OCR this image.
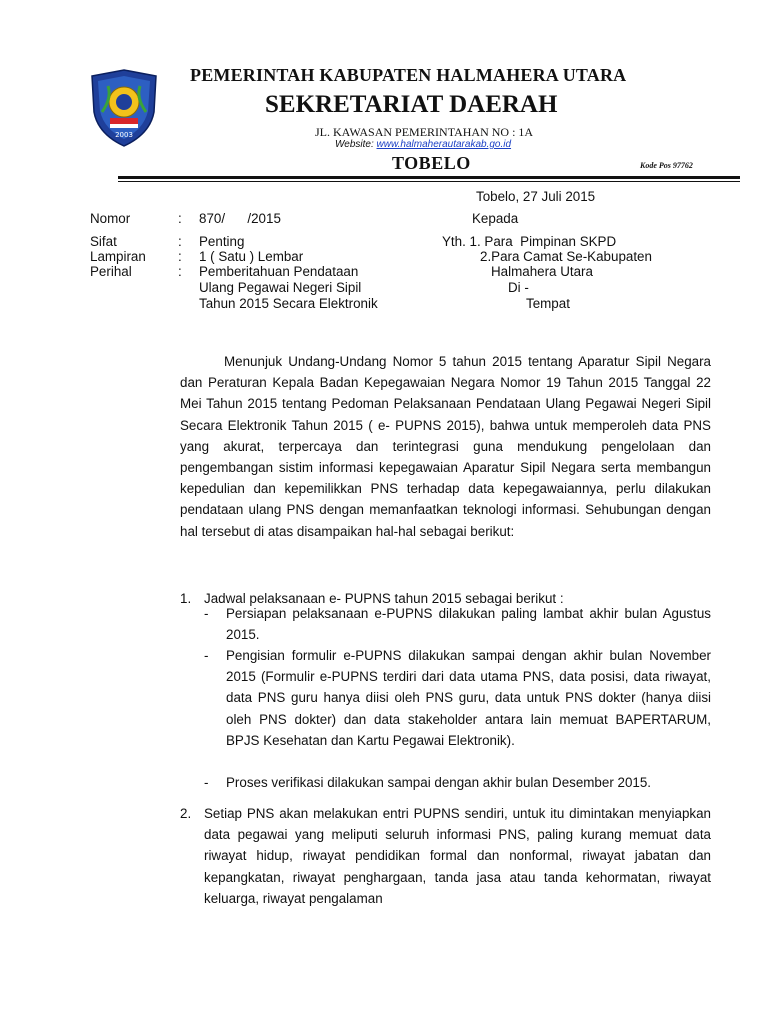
2003
PEMERINTAH KABUPATEN HALMAHERA UTARA
SEKRETARIAT DAERAH
JL. KAWASAN PEMERINTAHAN NO : 1A
Website: www.halmaherautarakab.go.id
TOBELO	Kode Pos 97762
Tobelo, 27 Juli 2015
Nomor	: 870/      /2015	Kepada
Sifat	: Penting	Yth. 1. Para  Pimpinan SKPD
Lampiran : 1 ( Satu ) Lembar	2.Para Camat Se-Kabupaten
Perihal	: Pemberitahuan Pendataan	Halmahera Utara
Ulang Pegawai Negeri Sipil	Di -
Tahun 2015 Secara Elektronik	Tempat

Menunjuk Undang-Undang Nomor 5 tahun 2015 tentang Aparatur Sipil Negara dan Peraturan Kepala Badan Kepegawaian Negara Nomor 19 Tahun 2015 Tanggal 22 Mei Tahun 2015 tentang Pedoman Pelaksanaan Pendataan Ulang Pegawai Negeri Sipil Secara Elektronik Tahun 2015 ( e- PUPNS 2015), bahwa untuk memperoleh data PNS yang akurat, terpercaya dan terintegrasi guna mendukung pengelolaan dan pengembangan sistim informasi kepegawaian Aparatur Sipil Negara serta membangun kepedulian dan kepemilikkan PNS terhadap data kepegawaiannya, perlu dilakukan pendataan ulang PNS dengan memanfaatkan teknologi informasi. Sehubungan dengan hal tersebut di atas disampaikan hal-hal sebagai berikut:

1. Jadwal pelaksanaan e- PUPNS tahun 2015 sebagai berikut :
- Persiapan pelaksanaan e-PUPNS dilakukan paling lambat akhir bulan Agustus 2015.
- Pengisian formulir e-PUPNS dilakukan sampai dengan akhir bulan November 2015 (Formulir e-PUPNS terdiri dari data utama PNS, data posisi, data riwayat, data PNS guru hanya diisi oleh PNS guru, data untuk PNS dokter (hanya diisi oleh PNS dokter) dan data stakeholder antara lain memuat BAPERTARUM, BPJS Kesehatan dan Kartu Pegawai Elektronik).
- Proses verifikasi dilakukan sampai dengan akhir bulan Desember 2015.
2. Setiap PNS akan melakukan entri PUPNS sendiri, untuk itu dimintakan menyiapkan data pegawai yang meliputi seluruh informasi PNS, paling kurang memuat data riwayat hidup, riwayat pendidikan formal dan nonformal, riwayat jabatan dan kepangkatan, riwayat penghargaan, tanda jasa atau tanda kehormatan, riwayat keluarga, riwayat pengalaman
